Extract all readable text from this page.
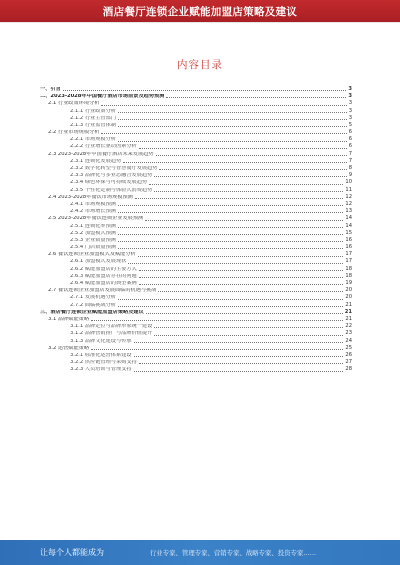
酒店餐厅连锁企业赋能加盟店策略及建议
内容目录
一、引言	3
二、2023-2028年中国餐厅酒店市场前景及趋势预测	3
2.1 行业政策环境分析	3
2.1.1 行业政策分析	3
2.1.2 行业主管部门	3
2.1.3 行业监管体制	5
2.2 行业市场规模分析	6
2.2.1 市场规模分析	6
2.2.2 行业增长驱动因素分析	6
2.3 2023-2028年中国餐厅酒店未来发展趋势	7
2.3.1 连锁化发展趋势	7
2.3.2 数字化转型与智慧餐厅发展趋势	8
2.3.3 品牌化与多业态融合发展趋势	9
2.3.4 绿色环保与可持续发展趋势	10
2.3.5 个性化定制与体验式消费趋势	11
2.4 2023-2028年餐饮市场规模预测	12
2.4.1 市场规模预测	12
2.4.2 市场增长预测	13
2.5 2023-2028年餐饮连锁企业发展预测	14
2.5.1 连锁化率预测	14
2.5.2 加盟模式预测	15
2.5.3 企业数量预测	16
2.5.4 门店数量预测	16
2.6 餐饮连锁企业加盟模式及赋能分析	17
2.6.1 加盟模式发展现状	17
2.6.2 赋能加盟店的主要方式	18
2.6.3 赋能加盟店存在的问题	18
2.6.4 赋能加盟店的典型案例	19
2.7 餐饮连锁企业加盟店发展面临的机遇与挑战	20
2.7.1 发展机遇分析	20
2.7.2 面临挑战分析	21
三、酒店餐厅连锁企业赋能加盟店策略及建议	21
3.1 品牌赋能策略	21
3.1.1 品牌定位与品牌形象统一建设	22
3.1.2 品牌营销推广与品牌价值提升	23
3.1.3 品牌文化建设与传承	24
3.2 运营赋能策略	25
3.2.1 标准化运营体系建设	26
3.2.2 供应链管理与采购支持	27
3.2.3 人员培训与管理支持	28
让每个人都能成为	行业专家、管理专家、营销专家、战略专家、投资专家……
